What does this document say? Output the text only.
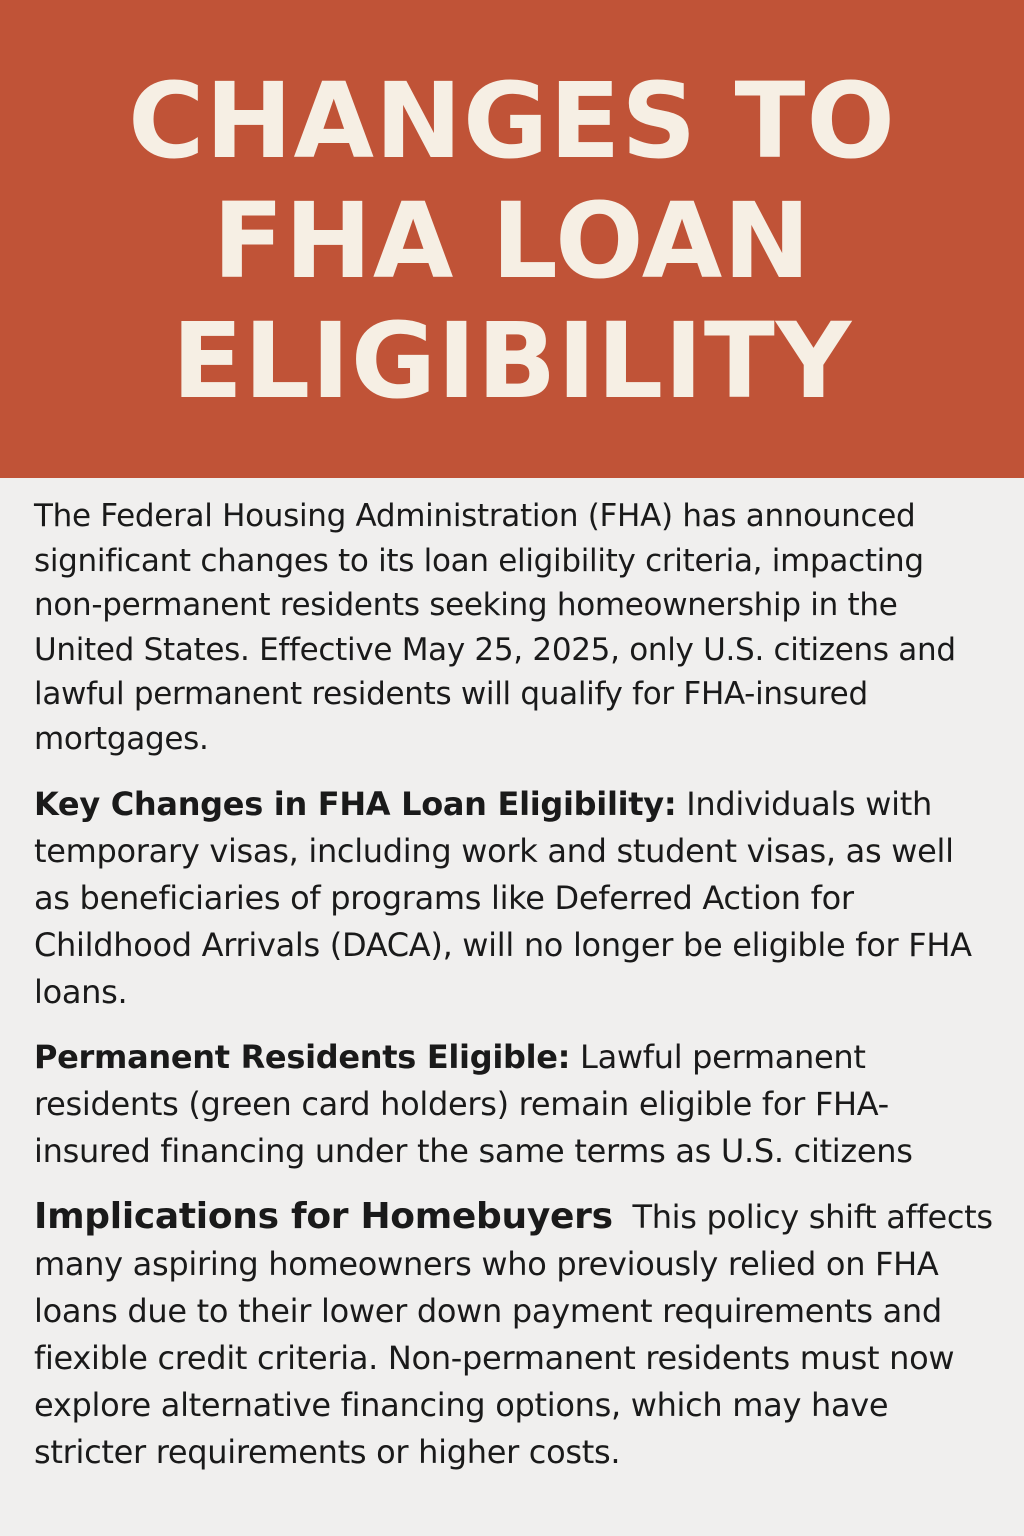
CHANGES TO
FHA LOAN
ELIGIBILITY

The Federal Housing Administration (FHA) has announced significant changes to its loan eligibility criteria, impacting non-permanent residents seeking homeownership in the United States. Effective May 25, 2025, only U.S. citizens and lawful permanent residents will qualify for FHA-insured mortgages.

Key Changes in FHA Loan Eligibility: Individuals with temporary visas, including work and student visas, as well as beneficiaries of programs like Deferred Action for Childhood Arrivals (DACA), will no longer be eligible for FHA loans.

Permanent Residents Eligible: Lawful permanent residents (green card holders) remain eligible for FHA-insured financing under the same terms as U.S. citizens

Implications for Homebuyers  This policy shift affects many aspiring homeowners who previously relied on FHA loans due to their lower down payment requirements and fiexible credit criteria. Non-permanent residents must now explore alternative financing options, which may have stricter requirements or higher costs.
